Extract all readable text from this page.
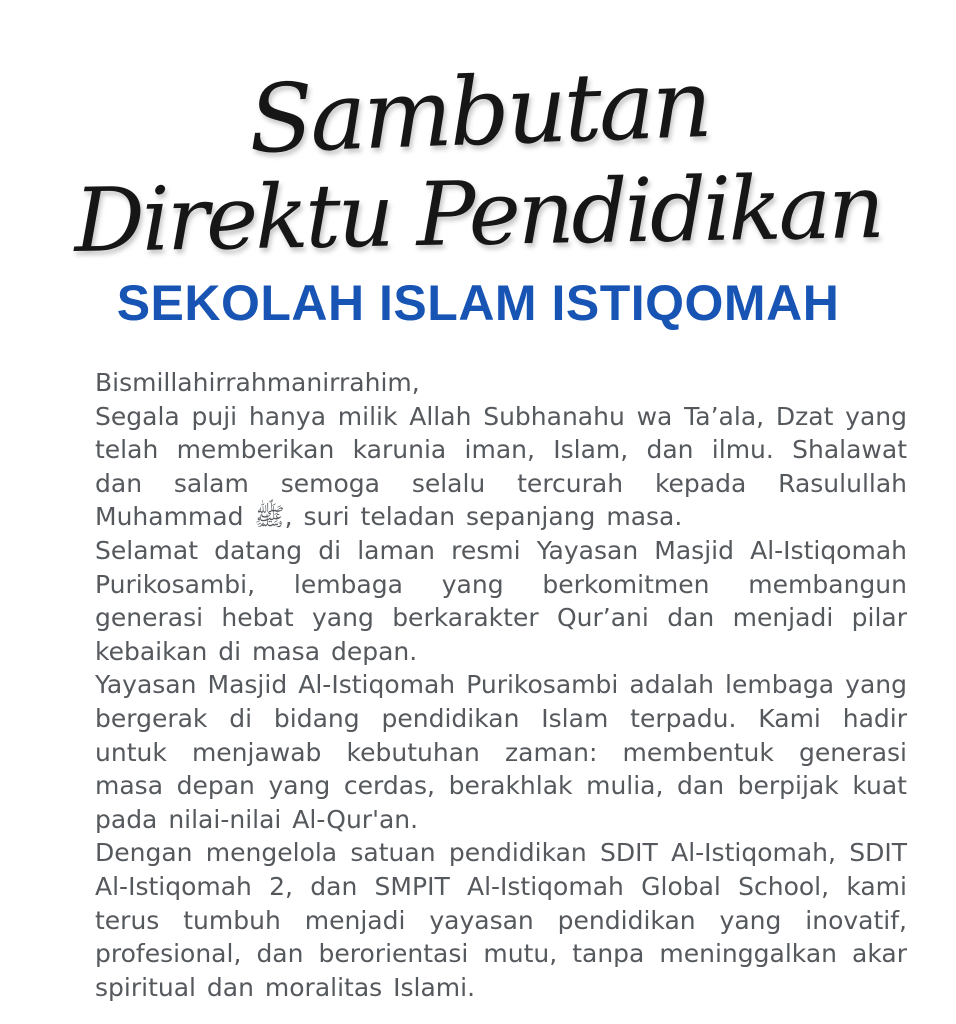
Sambutan
Direktu Pendidikan
SEKOLAH ISLAM ISTIQOMAH

Bismillahirrahmanirrahim,

Segala puji hanya milik Allah Subhanahu wa Ta’ala, Dzat yang telah memberikan karunia iman, Islam, dan ilmu. Shalawat dan salam semoga selalu tercurah kepada Rasulullah Muhammad ﷺ, suri teladan sepanjang masa.

Selamat datang di laman resmi Yayasan Masjid Al-Istiqomah Purikosambi, lembaga yang berkomitmen membangun generasi hebat yang berkarakter Qur’ani dan menjadi pilar kebaikan di masa depan.

Yayasan Masjid Al-Istiqomah Purikosambi adalah lembaga yang bergerak di bidang pendidikan Islam terpadu. Kami hadir untuk menjawab kebutuhan zaman: membentuk generasi masa depan yang cerdas, berakhlak mulia, dan berpijak kuat pada nilai-nilai Al-Qur'an.

Dengan mengelola satuan pendidikan SDIT Al-Istiqomah, SDIT Al-Istiqomah 2, dan SMPIT Al-Istiqomah Global School, kami terus tumbuh menjadi yayasan pendidikan yang inovatif, profesional, dan berorientasi mutu, tanpa meninggalkan akar spiritual dan moralitas Islami.
